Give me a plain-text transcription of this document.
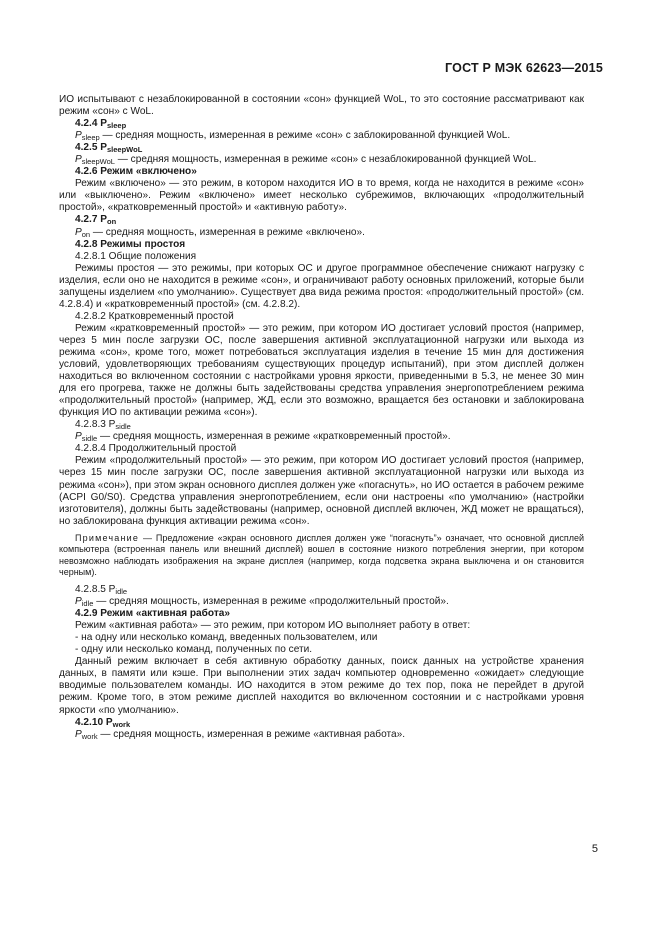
ГОСТ Р МЭК 62623—2015

ИО испытывают с незаблокированной в состоянии «сон» функцией WoL, то это состояние рассматривают как режим «сон» с WoL.

4.2.4 $P_{sleep}$

$P_{sleep}$ — средняя мощность, измеренная в режиме «сон» с заблокированной функцией WoL.

4.2.5 $P_{sleepWoL}$

$P_{sleepWoL}$ — средняя мощность, измеренная в режиме «сон» с незаблокированной функцией WoL.

4.2.6 Режим «включено»

Режим «включено» — это режим, в котором находится ИО в то время, когда не находится в режиме «сон» или «выключено». Режим «включено» имеет несколько субрежимов, включающих «продолжительный простой», «кратковременный простой» и «активную работу».

4.2.7 $P_{on}$

$P_{on}$ — средняя мощность, измеренная в режиме «включено».

4.2.8 Режимы простоя

4.2.8.1 Общие положения

Режимы простоя — это режимы, при которых ОС и другое программное обеспечение снижают нагрузку с изделия, если оно не находится в режиме «сон», и ограничивают работу основных приложений, которые были запущены изделием «по умолчанию». Существует два вида режима простоя: «продолжительный простой» (см. 4.2.8.4) и «кратковременный простой» (см. 4.2.8.2).

4.2.8.2 Кратковременный простой

Режим «кратковременный простой» — это режим, при котором ИО достигает условий простоя (например, через 5 мин после загрузки ОС, после завершения активной эксплуатационной нагрузки или выхода из режима «сон», кроме того, может потребоваться эксплуатация изделия в течение 15 мин для достижения условий, удовлетворяющих требованиям существующих процедур испытаний), при этом дисплей должен находиться во включенном состоянии с настройками уровня яркости, приведенными в 5.3, не менее 30 мин для его прогрева, также не должны быть задействованы средства управления энергопотреблением режима «продолжительный простой» (например, ЖД, если это возможно, вращается без остановки и заблокирована функция ИО по активации режима «сон»).

4.2.8.3 $P_{sidle}$

$P_{sidle}$ — средняя мощность, измеренная в режиме «кратковременный простой».

4.2.8.4 Продолжительный простой

Режим «продолжительный простой» — это режим, при котором ИО достигает условий простоя (например, через 15 мин после загрузки ОС, после завершения активной эксплуатационной нагрузки или выхода из режима «сон»), при этом экран основного дисплея должен уже «погаснуть», но ИО остается в рабочем режиме (ACPI G0/S0). Средства управления энергопотреблением, если они настроены «по умолчанию» (настройки изготовителя), должны быть задействованы (например, основной дисплей включен, ЖД может не вращаться), но заблокирована функция активации режима «сон».

Примечание — Предложение «экран основного дисплея должен уже “погаснуть”» означает, что основной дисплей компьютера (встроенная панель или внешний дисплей) вошел в состояние низкого потребления энергии, при котором невозможно наблюдать изображения на экране дисплея (например, когда подсветка экрана выключена и он становится черным).

4.2.8.5 $P_{idle}$

$P_{idle}$ — средняя мощность, измеренная в режиме «продолжительный простой».

4.2.9 Режим «активная работа»

Режим «активная работа» — это режим, при котором ИО выполняет работу в ответ:

- на одну или несколько команд, введенных пользователем, или

- одну или несколько команд, полученных по сети.

Данный режим включает в себя активную обработку данных, поиск данных на устройстве хранения данных, в памяти или кэше. При выполнении этих задач компьютер одновременно «ожидает» следующие вводимые пользователем команды. ИО находится в этом режиме до тех пор, пока не перейдет в другой режим. Кроме того, в этом режиме дисплей находится во включенном состоянии и с настройками уровня яркости «по умолчанию».

4.2.10 $P_{work}$

$P_{work}$ — средняя мощность, измеренная в режиме «активная работа».

5
